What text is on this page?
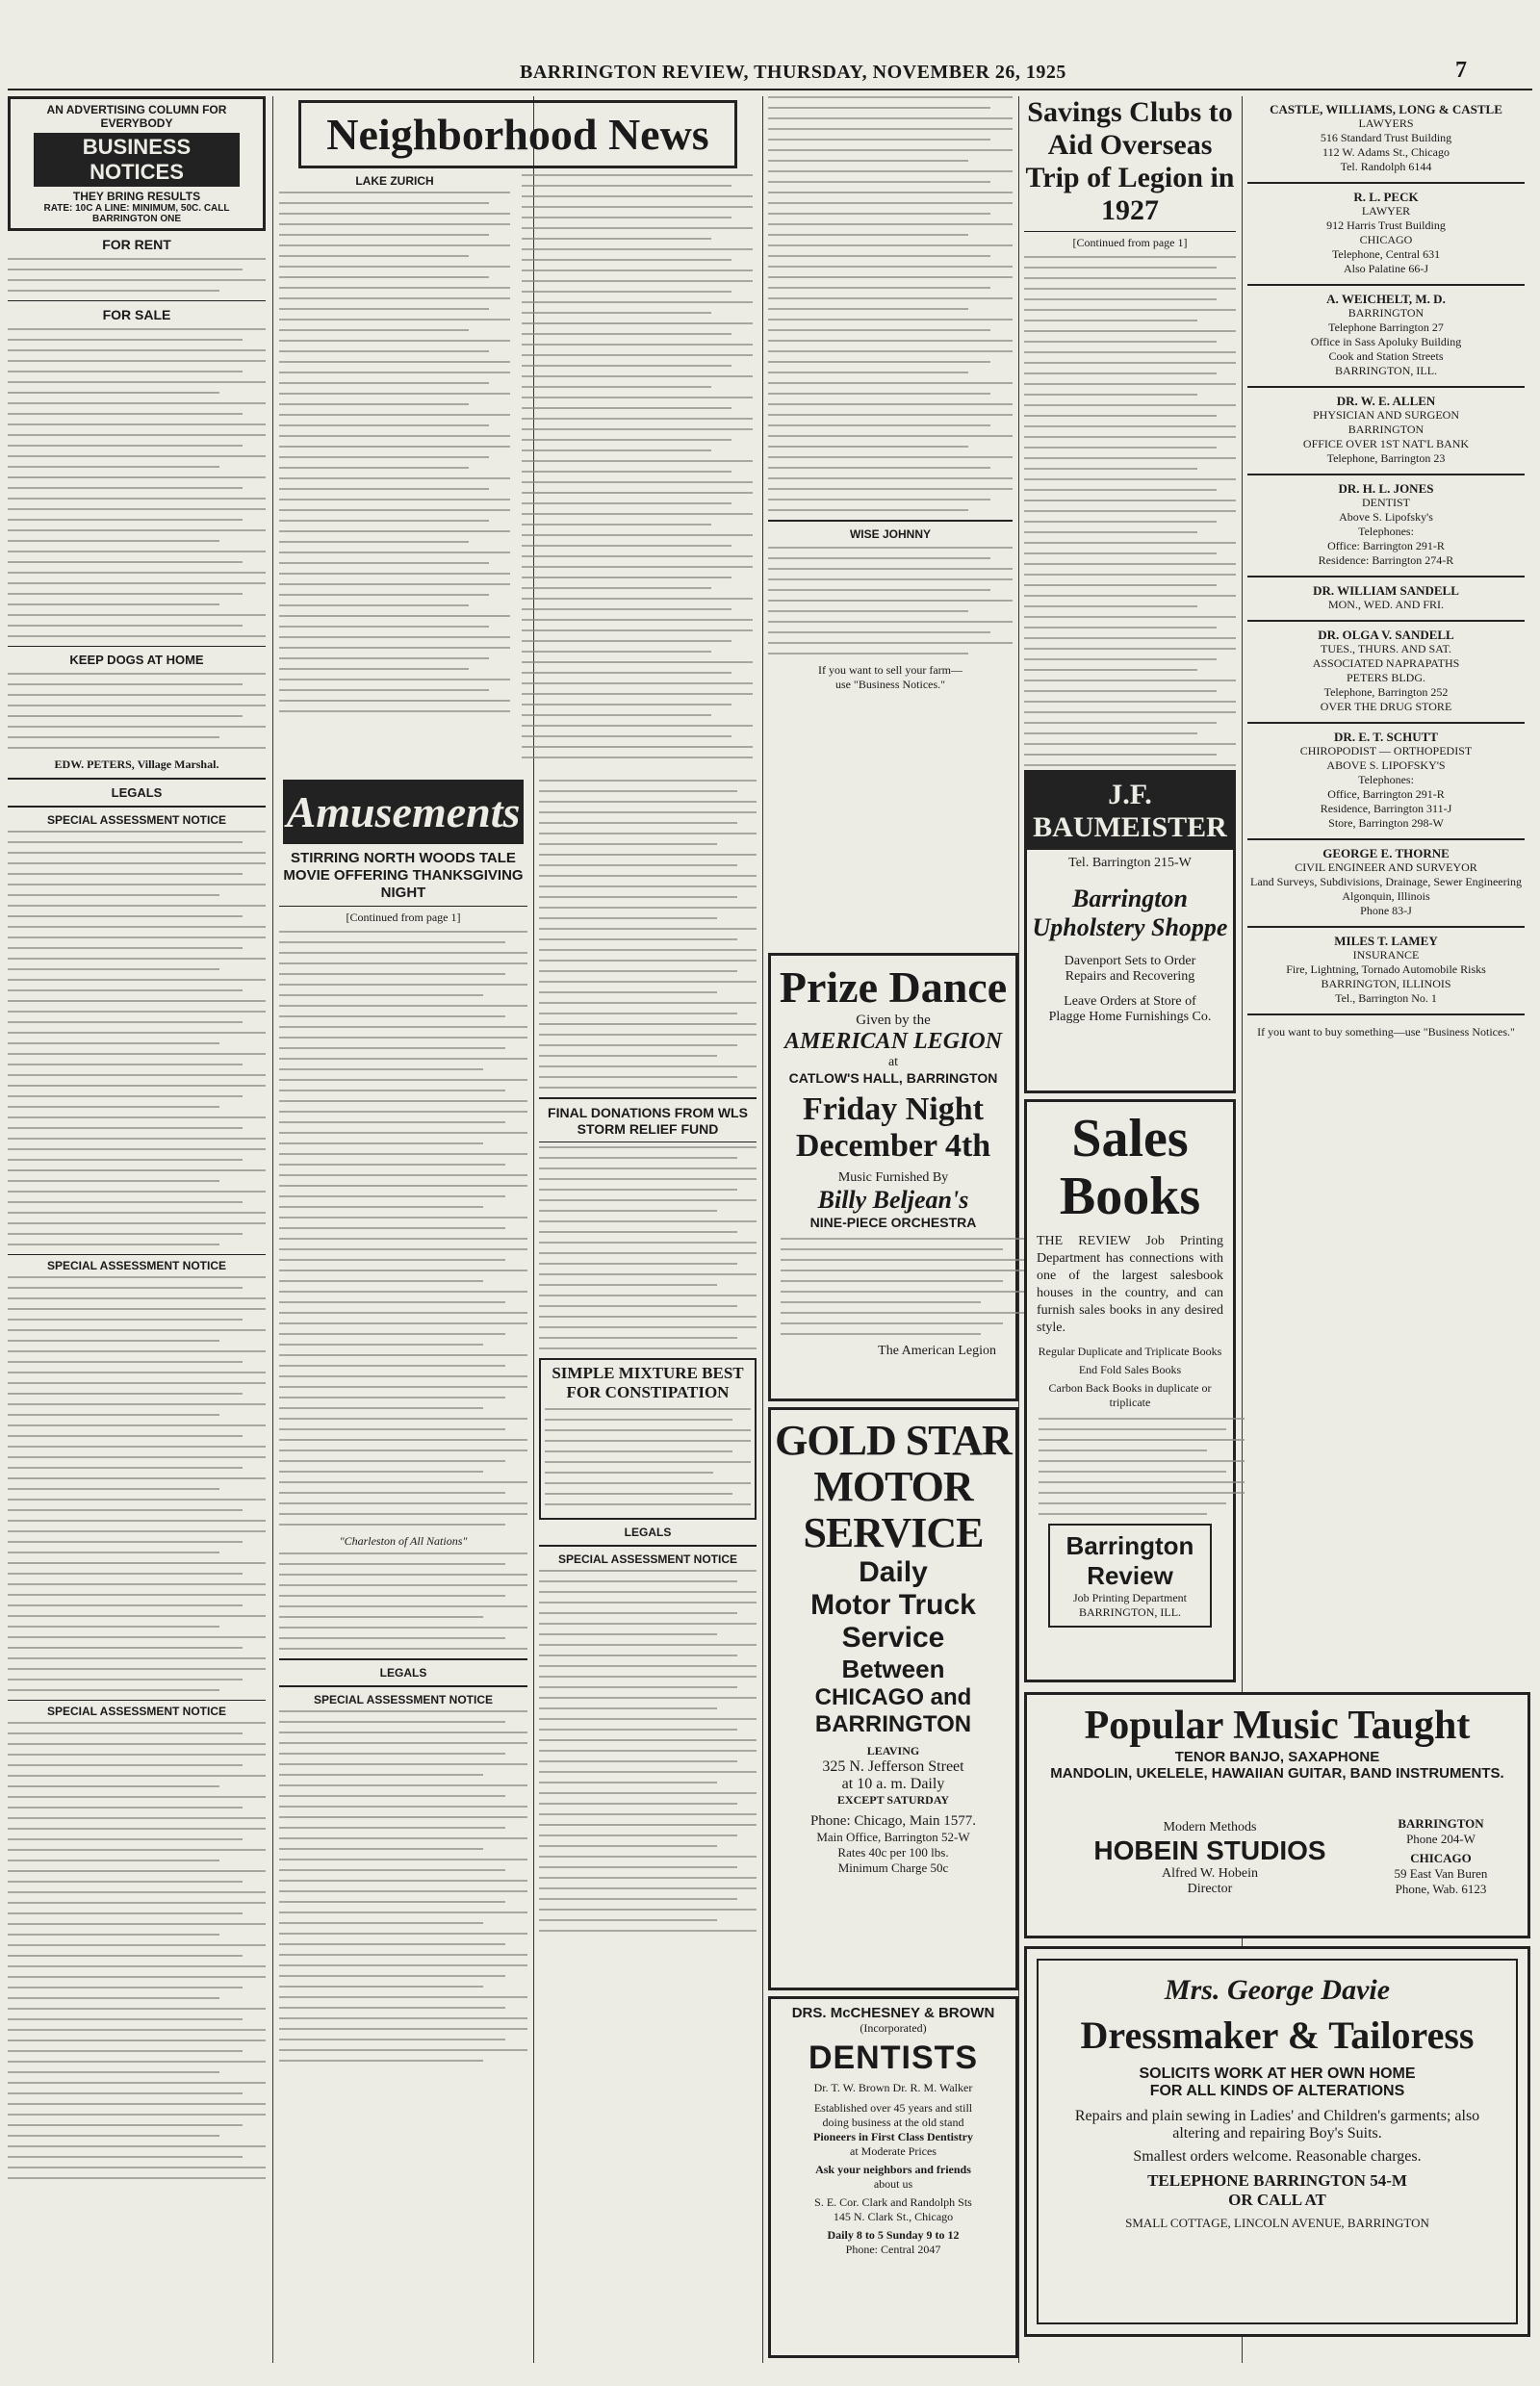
BARRINGTON REVIEW, THURSDAY, NOVEMBER 26, 1925	7
AN ADVERTISING COLUMN FOR EVERYBODY
BUSINESS NOTICES
THEY BRING RESULTS
RATE: 10C A LINE: MINIMUM, 50C. CALL BARRINGTON ONE
FOR RENT
FOR SALE
KEEP DOGS AT HOME
EDW. PETERS, Village Marshal.
LEGALS
SPECIAL ASSESSMENT NOTICE
SPECIAL ASSESSMENT NOTICE
SPECIAL ASSESSMENT NOTICE
Neighborhood News
LAKE ZURICH
WISE JOHNNY
If you want to sell your farm—
use "Business Notices."
Amusements
STIRRING NORTH WOODS TALE MOVIE OFFERING THANKSGIVING NIGHT
[Continued from page 1]
"Charleston of All Nations"
LEGALS
SPECIAL ASSESSMENT NOTICE
FINAL DONATIONS FROM WLS STORM RELIEF FUND
SIMPLE MIXTURE BEST FOR CONSTIPATION
LEGALS
SPECIAL ASSESSMENT NOTICE
Prize Dance
Given by the
AMERICAN LEGION
at
CATLOW'S HALL, BARRINGTON
Friday Night
December 4th
Music Furnished By
Billy Beljean's
NINE-PIECE ORCHESTRA
The American Legion
GOLD STAR
MOTOR
SERVICE
Daily
Motor Truck
Service
Between
CHICAGO and
BARRINGTON
LEAVING
325 N. Jefferson Street
at 10 a. m. Daily
EXCEPT SATURDAY
Phone: Chicago, Main 1577.
Main Office, Barrington 52-W
Rates 40c per 100 lbs.
Minimum Charge 50c
DRS. McCHESNEY & BROWN
(Incorporated)
DENTISTS
Dr. T. W. Brown Dr. R. M. Walker
Established over 45 years and still
doing business at the old stand
Pioneers in First Class Dentistry
at Moderate Prices
Ask your neighbors and friends
about us
S. E. Cor. Clark and Randolph Sts
145 N. Clark St., Chicago
Daily 8 to 5 Sunday 9 to 12
Phone: Central 2047
Savings Clubs to Aid Overseas Trip of Legion in 1927
[Continued from page 1]
J.F. BAUMEISTER
Tel. Barrington 215-W
Barrington
Upholstery Shoppe
Davenport Sets to Order
Repairs and Recovering
Leave Orders at Store of
Plagge Home Furnishings Co.
Sales
Books
THE REVIEW Job Printing Department has connections with one of the largest salesbook houses in the country, and can furnish sales books in any desired style.
Regular Duplicate and Triplicate Books
End Fold Sales Books
Carbon Back Books in duplicate or triplicate
Barrington
Review
Job Printing Department
BARRINGTON, ILL.
Popular Music Taught
TENOR BANJO, SAXAPHONE
MANDOLIN, UKELELE, HAWAIIAN GUITAR, BAND INSTRUMENTS.
Modern Methods
HOBEIN STUDIOS
Alfred W. Hobein
Director
BARRINGTON
Phone 204-W
CHICAGO
59 East Van Buren
Phone, Wab. 6123
Mrs. George Davie
Dressmaker & Tailoress
SOLICITS WORK AT HER OWN HOME
FOR ALL KINDS OF ALTERATIONS
Repairs and plain sewing in Ladies' and Children's garments; also altering and repairing Boy's Suits.
Smallest orders welcome. Reasonable charges.
TELEPHONE BARRINGTON 54-M
OR CALL AT
SMALL COTTAGE, LINCOLN AVENUE, BARRINGTON
CASTLE, WILLIAMS, LONG & CASTLE
LAWYERS
516 Standard Trust Building
112 W. Adams St., Chicago
Tel. Randolph 6144
R. L. PECK
LAWYER
912 Harris Trust Building
CHICAGO
Telephone, Central 631
Also Palatine 66-J
A. WEICHELT, M. D.
BARRINGTON
Telephone Barrington 27
Office in Sass Apoluky Building
Cook and Station Streets
BARRINGTON, ILL.
DR. W. E. ALLEN
PHYSICIAN AND SURGEON
BARRINGTON
OFFICE OVER 1ST NAT'L BANK
Telephone, Barrington 23
DR. H. L. JONES
DENTIST
Above S. Lipofsky's
Telephones:
Office: Barrington 291-R
Residence: Barrington 274-R
DR. WILLIAM SANDELL
MON., WED. AND FRI.
DR. OLGA V. SANDELL
TUES., THURS. AND SAT.
ASSOCIATED NAPRAPATHS
PETERS BLDG.
Telephone, Barrington 252
OVER THE DRUG STORE
DR. E. T. SCHUTT
CHIROPODIST — ORTHOPEDIST
ABOVE S. LIPOFSKY'S
Telephones:
Office, Barrington 291-R
Residence, Barrington 311-J
Store, Barrington 298-W
GEORGE E. THORNE
CIVIL ENGINEER AND SURVEYOR
Land Surveys, Subdivisions, Drainage, Sewer Engineering
Algonquin, Illinois
Phone 83-J
MILES T. LAMEY
INSURANCE
Fire, Lightning, Tornado Automobile Risks
BARRINGTON, ILLINOIS
Tel., Barrington No. 1
If you want to buy something—use "Business Notices."
